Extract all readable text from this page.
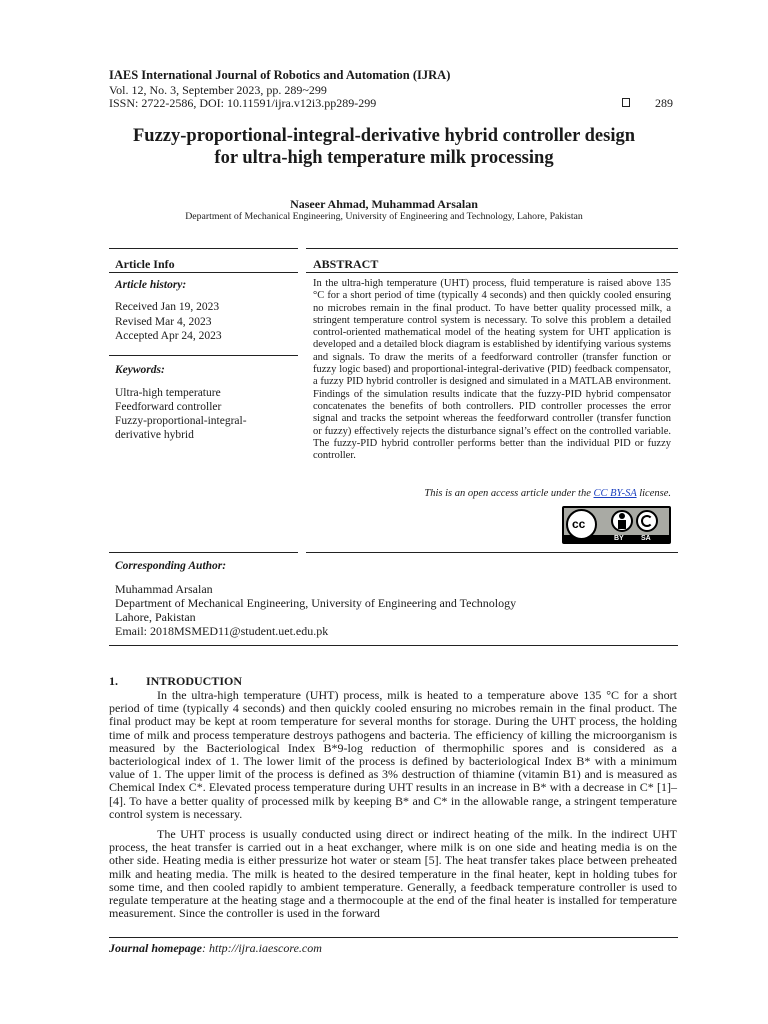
IAES International Journal of Robotics and Automation (IJRA)
Vol. 12, No. 3, September 2023, pp. 289~299
ISSN: 2722-2586, DOI: 10.11591/ijra.v12i3.pp289-299	289
Fuzzy-proportional-integral-derivative hybrid controller design
for ultra-high temperature milk processing
Naseer Ahmad, Muhammad Arsalan
Department of Mechanical Engineering, University of Engineering and Technology, Lahore, Pakistan
Article Info
Article history:
Received Jan 19, 2023
Revised Mar 4, 2023
Accepted Apr 24, 2023
Keywords:
Ultra-high temperature
Feedforward controller
Fuzzy-proportional-integral-
derivative hybrid
ABSTRACT
In the ultra-high temperature (UHT) process, fluid temperature is raised above 135 °C for a short period of time (typically 4 seconds) and then quickly cooled ensuring no microbes remain in the final product. To have better quality processed milk, a stringent temperature control system is necessary. To solve this problem a detailed control-oriented mathematical model of the heating system for UHT application is developed and a detailed block diagram is established by identifying various systems and signals. To draw the merits of a feedforward controller (transfer function or fuzzy logic based) and proportional-integral-derivative (PID) feedback compensator, a fuzzy PID hybrid controller is designed and simulated in a MATLAB environment. Findings of the simulation results indicate that the fuzzy-PID hybrid compensator concatenates the benefits of both controllers. PID controller processes the error signal and tracks the setpoint whereas the feedforward controller (transfer function or fuzzy) effectively rejects the disturbance signal’s effect on the controlled variable. The fuzzy-PID hybrid controller performs better than the individual PID or fuzzy controller.
This is an open access article under the CC BY-SA license.
cc
BY SA
Corresponding Author:
Muhammad Arsalan
Department of Mechanical Engineering, University of Engineering and Technology
Lahore, Pakistan
Email: 2018MSMED11@student.uet.edu.pk
1. INTRODUCTION
In the ultra-high temperature (UHT) process, milk is heated to a temperature above 135 °C for a short period of time (typically 4 seconds) and then quickly cooled ensuring no microbes remain in the final product. The final product may be kept at room temperature for several months for storage. During the UHT process, the holding time of milk and process temperature destroys pathogens and bacteria. The efficiency of killing the microorganism is measured by the Bacteriological Index B*9-log reduction of thermophilic spores and is considered as a bacteriological index of 1. The lower limit of the process is defined by bacteriological Index B* with a minimum value of 1. The upper limit of the process is defined as 3% destruction of thiamine (vitamin B1) and is measured as Chemical Index C*. Elevated process temperature during UHT results in an increase in B* with a decrease in C* [1]–[4]. To have a better quality of processed milk by keeping B* and C* in the allowable range, a stringent temperature control system is necessary.
The UHT process is usually conducted using direct or indirect heating of the milk. In the indirect UHT process, the heat transfer is carried out in a heat exchanger, where milk is on one side and heating media is on the other side. Heating media is either pressurize hot water or steam [5]. The heat transfer takes place between preheated milk and heating media. The milk is heated to the desired temperature in the final heater, kept in holding tubes for some time, and then cooled rapidly to ambient temperature. Generally, a feedback temperature controller is used to regulate temperature at the heating stage and a thermocouple at the end of the final heater is installed for temperature measurement. Since the controller is used in the forward
Journal homepage: http://ijra.iaescore.com
